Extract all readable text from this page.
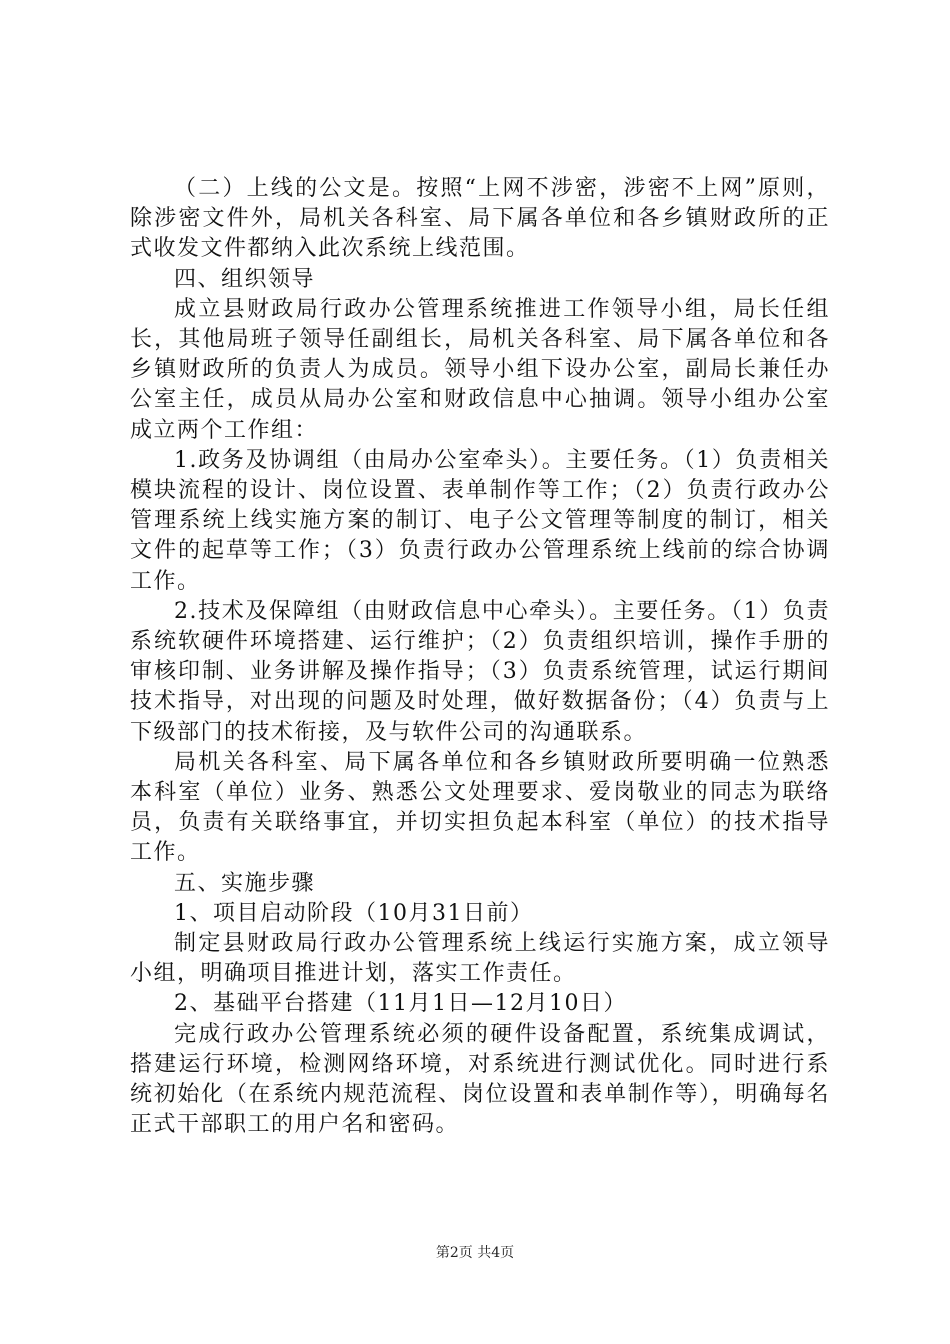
（二）上线的公文是。按照“上网不涉密，涉密不上网”原则，除涉密文件外，局机关各科室、局下属各单位和各乡镇财政所的正式收发文件都纳入此次系统上线范围。

四、组织领导

成立县财政局行政办公管理系统推进工作领导小组，局长任组长，其他局班子领导任副组长，局机关各科室、局下属各单位和各乡镇财政所的负责人为成员。领导小组下设办公室，副局长兼任办公室主任，成员从局办公室和财政信息中心抽调。领导小组办公室成立两个工作组：

1.政务及协调组（由局办公室牵头）。主要任务。（1）负责相关模块流程的设计、岗位设置、表单制作等工作；（2）负责行政办公管理系统上线实施方案的制订、电子公文管理等制度的制订，相关文件的起草等工作；（3）负责行政办公管理系统上线前的综合协调工作。

2.技术及保障组（由财政信息中心牵头）。主要任务。（1）负责系统软硬件环境搭建、运行维护；（2）负责组织培训，操作手册的审核印制、业务讲解及操作指导；（3）负责系统管理，试运行期间技术指导，对出现的问题及时处理，做好数据备份；（4）负责与上下级部门的技术衔接，及与软件公司的沟通联系。

局机关各科室、局下属各单位和各乡镇财政所要明确一位熟悉本科室（单位）业务、熟悉公文处理要求、爱岗敬业的同志为联络员，负责有关联络事宜，并切实担负起本科室（单位）的技术指导工作。

五、实施步骤

1、项目启动阶段（10月31日前）

制定县财政局行政办公管理系统上线运行实施方案，成立领导小组，明确项目推进计划，落实工作责任。

2、基础平台搭建（11月1日—12月10日）

完成行政办公管理系统必须的硬件设备配置，系统集成调试，搭建运行环境，检测网络环境，对系统进行测试优化。同时进行系统初始化（在系统内规范流程、岗位设置和表单制作等），明确每名正式干部职工的用户名和密码。

第2页 共4页
